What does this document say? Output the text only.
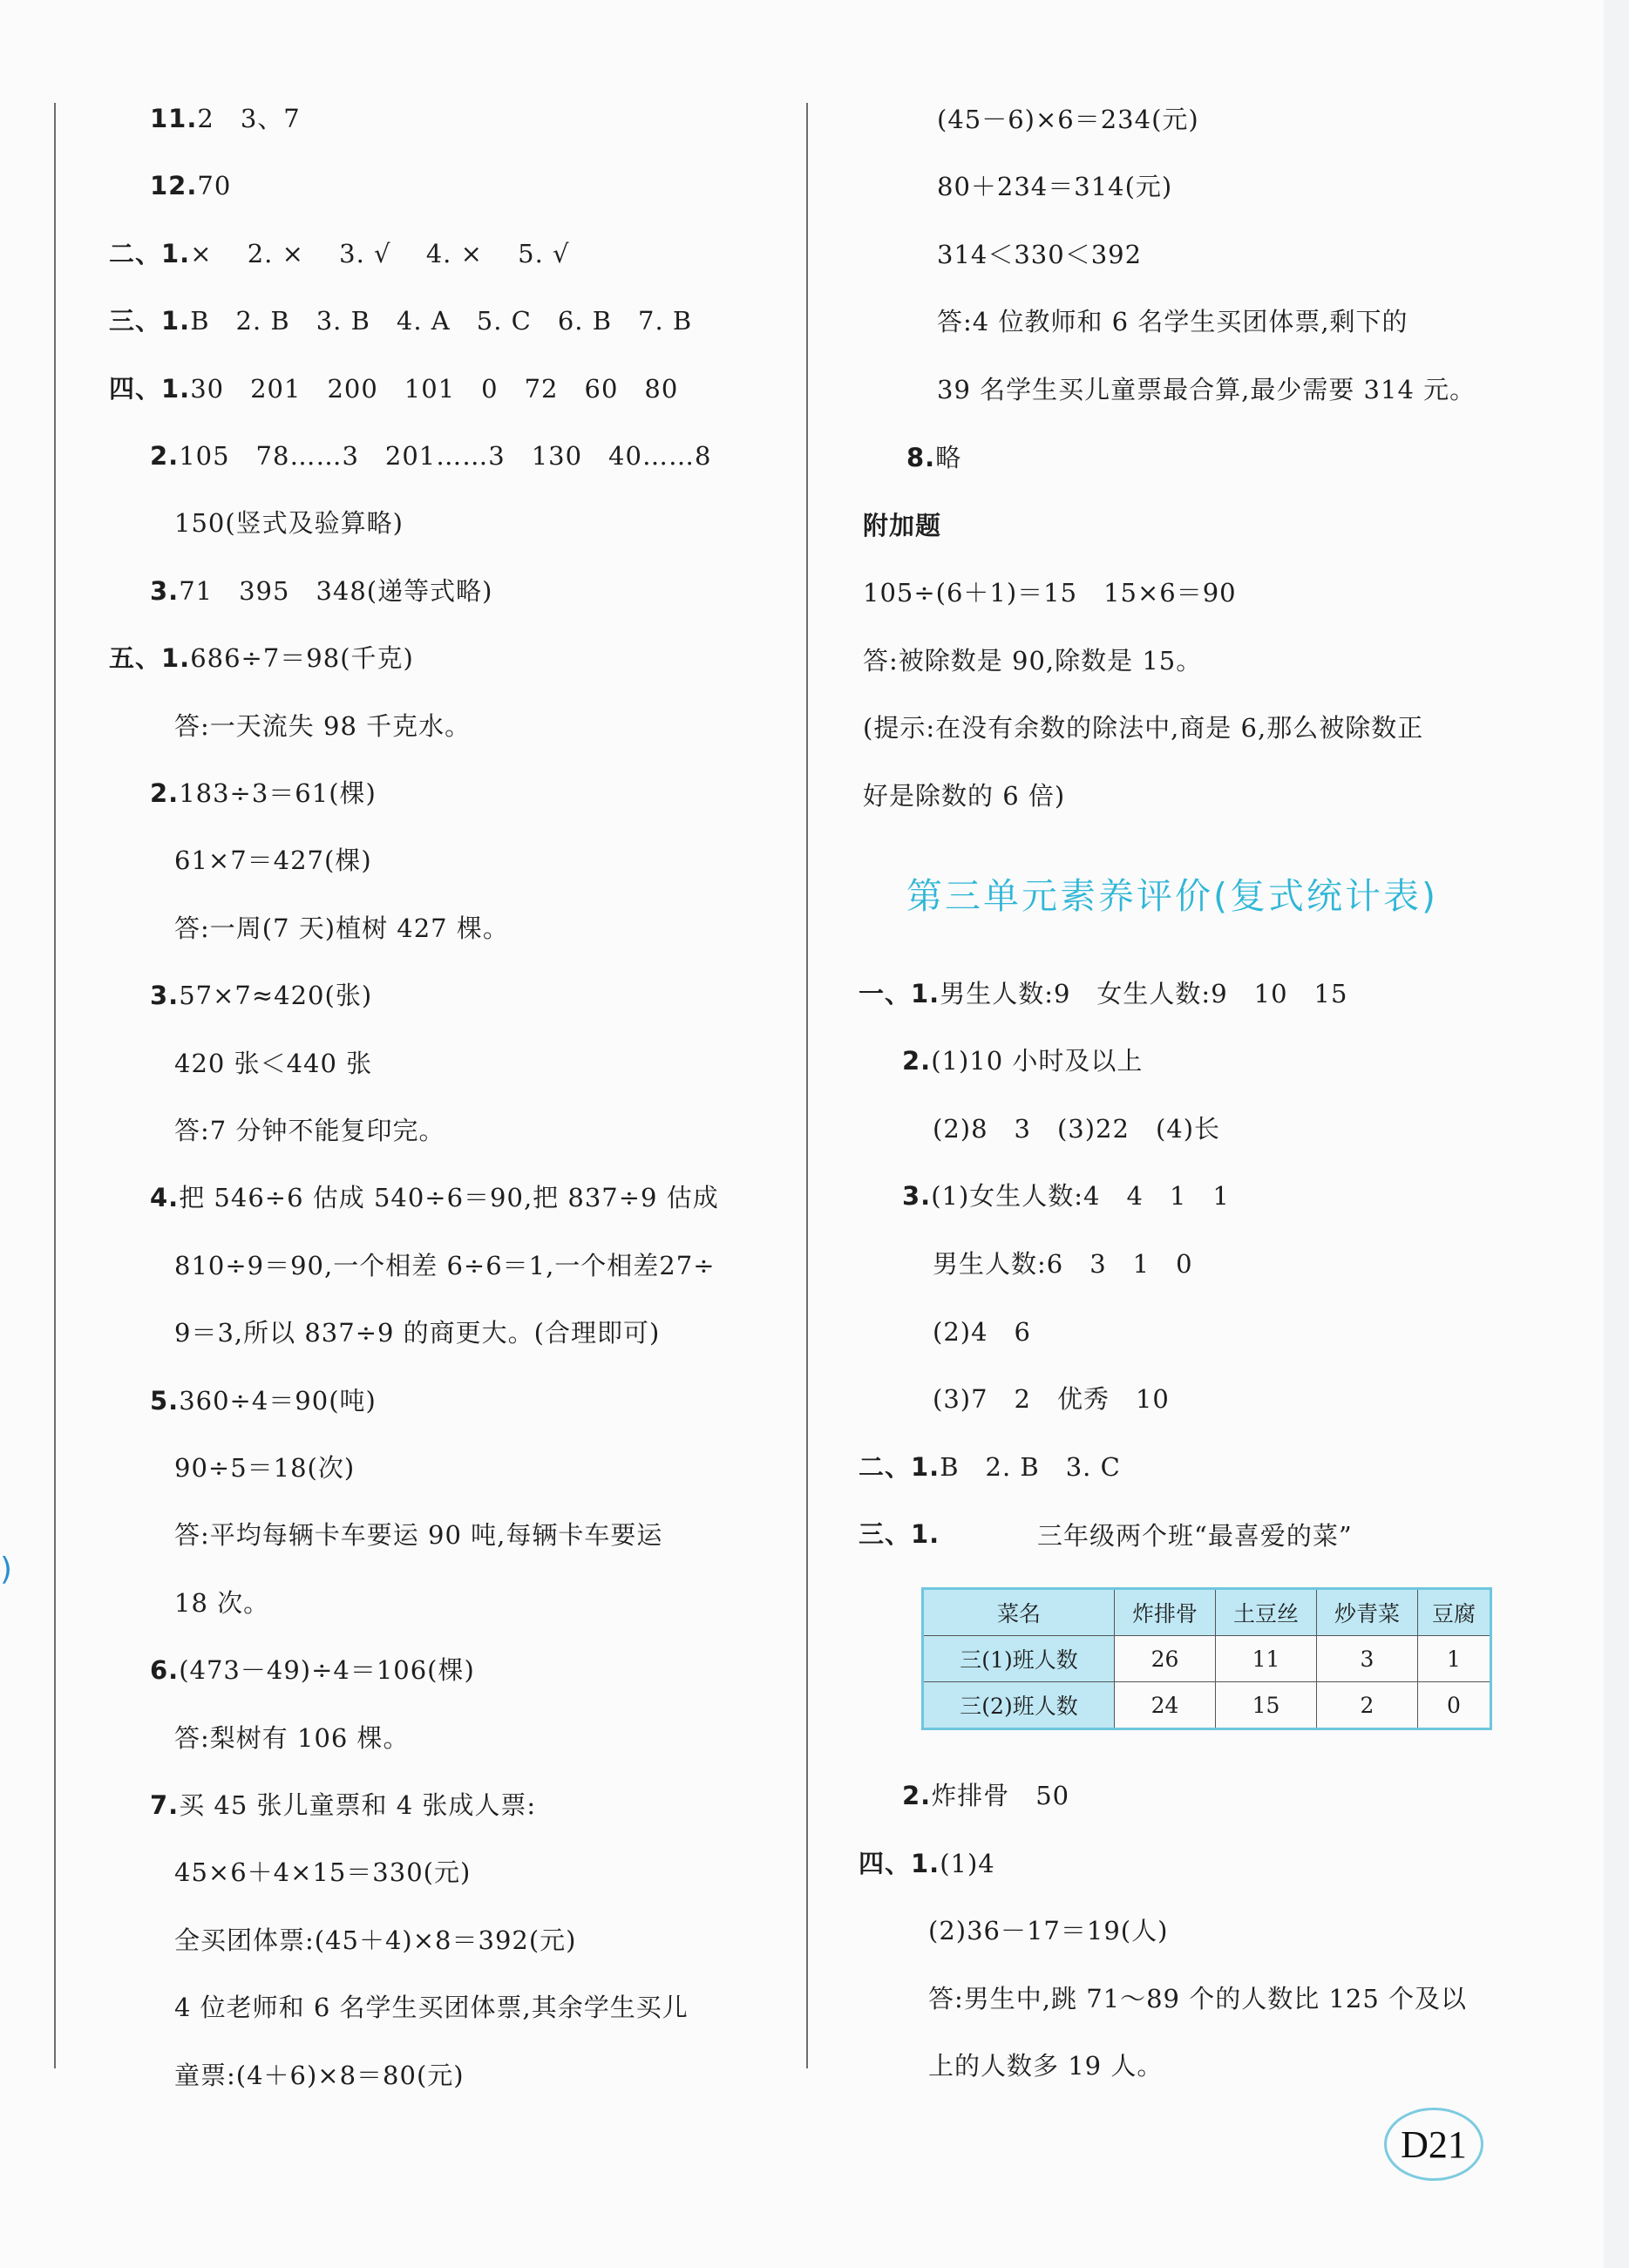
)
11.2　3、7
12.70
二、1.× 　2. × 　3. √ 　4. × 　5. √
三、1.B　2. B　3. B　4. A　5. C　6. B　7. B
四、1.30　201　200　101　0　72　60　80
2.105　78……3　201……3　130　40……8
150(竖式及验算略)
3.71　395　348(递等式略)
五、1.686÷7＝98(千克)
答:一天流失 98 千克水。
2.183÷3＝61(棵)
61×7＝427(棵)
答:一周(7 天)植树 427 棵。
3.57×7≈420(张)
420 张＜440 张
答:7 分钟不能复印完。
4.把 546÷6 估成 540÷6＝90,把 837÷9 估成
810÷9＝90,一个相差 6÷6＝1,一个相差27÷
9＝3,所以 837÷9 的商更大。(合理即可)
5.360÷4＝90(吨)
90÷5＝18(次)
答:平均每辆卡车要运 90 吨,每辆卡车要运
18 次。
6.(473－49)÷4＝106(棵)
答:梨树有 106 棵。
7.买 45 张儿童票和 4 张成人票:
45×6＋4×15＝330(元)
全买团体票:(45＋4)×8＝392(元)
4 位老师和 6 名学生买团体票,其余学生买儿
童票:(4＋6)×8＝80(元)
(45－6)×6＝234(元)
80＋234＝314(元)
314＜330＜392
答:4 位教师和 6 名学生买团体票,剩下的
39 名学生买儿童票最合算,最少需要 314 元。
8.略
附加题
105÷(6＋1)＝15　15×6＝90
答:被除数是 90,除数是 15。
(提示:在没有余数的除法中,商是 6,那么被除数正
好是除数的 6 倍)
第三单元素养评价(复式统计表)
一、1.男生人数:9　女生人数:9　10　15
2.(1)10 小时及以上
(2)8　3　(3)22　(4)长
3.(1)女生人数:4　4　1　1
男生人数:6　3　1　0
(2)4　6
(3)7　2　优秀　10
二、1.B　2. B　3. C
三、1.	三年级两个班“最喜爱的菜”
菜名	炸排骨	土豆丝	炒青菜	豆腐
三(1)班人数	26	11	3	1
三(2)班人数	24	15	2	0
2.炸排骨　50
四、1.(1)4
(2)36－17＝19(人)
答:男生中,跳 71～89 个的人数比 125 个及以
上的人数多 19 人。
D21
